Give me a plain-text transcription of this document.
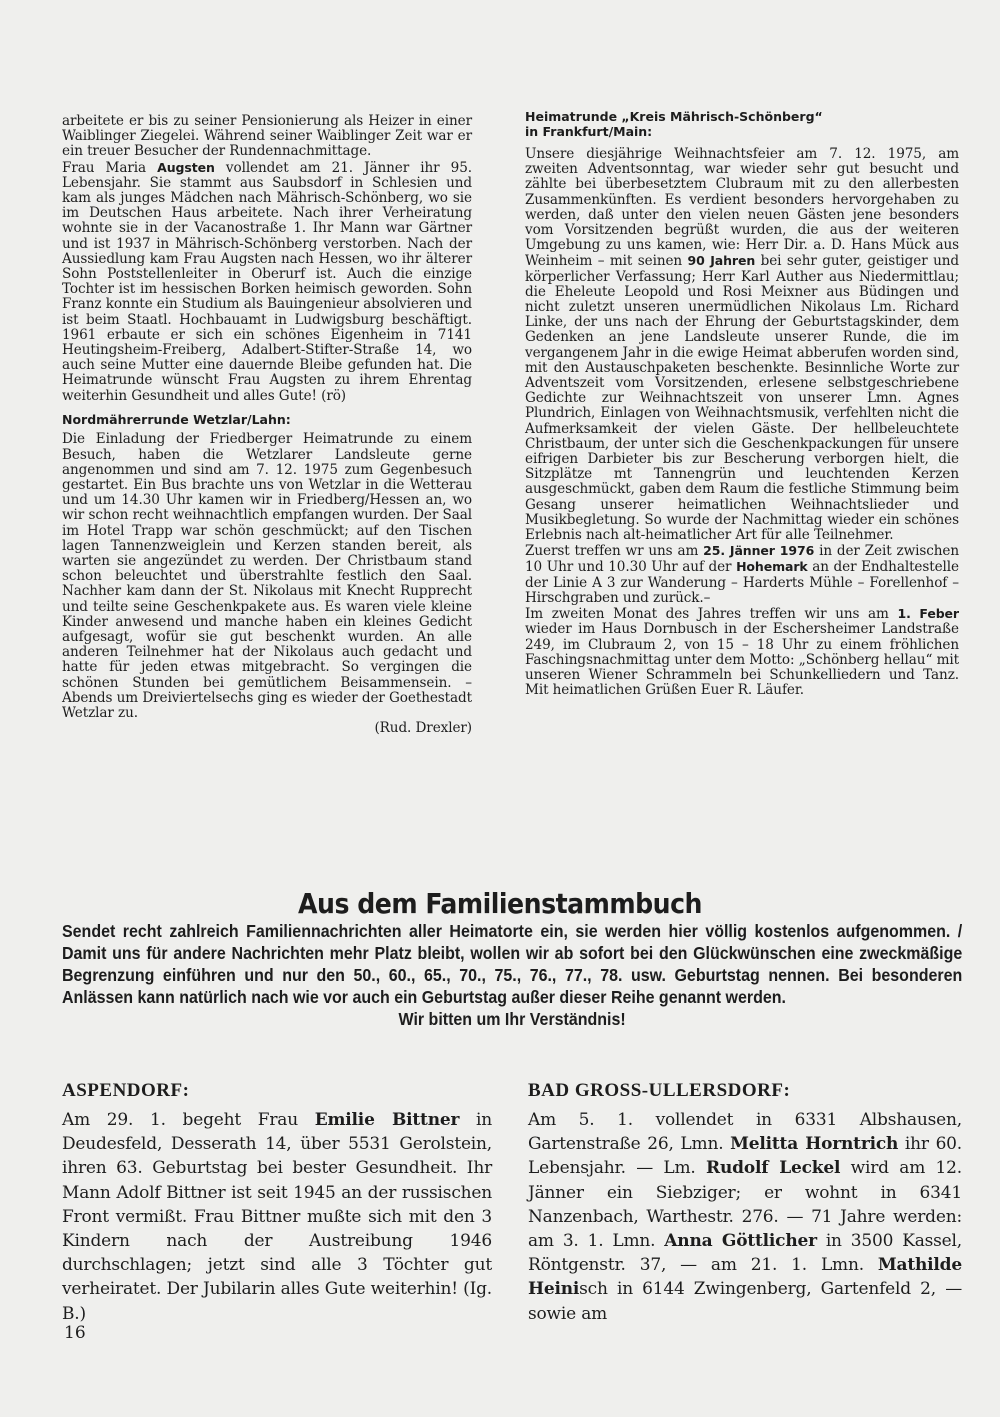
arbeitete er bis zu seiner Pensionierung als Heizer in einer Waiblinger Ziegelei. Während seiner Waiblinger Zeit war er ein treuer Besucher der Rundennachmittage.

Frau Maria Augsten vollendet am 21. Jänner ihr 95. Lebensjahr. Sie stammt aus Saubsdorf in Schlesien und kam als junges Mädchen nach Mährisch-Schönberg, wo sie im Deutschen Haus arbeitete. Nach ihrer Verheiratung wohnte sie in der Vacanostraße 1. Ihr Mann war Gärtner und ist 1937 in Mährisch-Schönberg verstorben. Nach der Aussiedlung kam Frau Augsten nach Hessen, wo ihr älterer Sohn Poststellenleiter in Oberurf ist. Auch die einzige Tochter ist im hessischen Borken heimisch geworden. Sohn Franz konnte ein Studium als Bauingenieur absolvieren und ist beim Staatl. Hochbauamt in Ludwigsburg beschäftigt. 1961 erbaute er sich ein schönes Eigenheim in 7141 Heutingsheim-Freiberg, Adalbert-Stifter-Straße 14, wo auch seine Mutter eine dauernde Bleibe gefunden hat. Die Heimatrunde wünscht Frau Augsten zu ihrem Ehrentag weiterhin Gesundheit und alles Gute! (rö)

Nordmährerrunde Wetzlar/Lahn:

Die Einladung der Friedberger Heimatrunde zu einem Besuch, haben die Wetzlarer Landsleute gerne angenommen und sind am 7. 12. 1975 zum Gegenbesuch gestartet. Ein Bus brachte uns von Wetzlar in die Wetterau und um 14.30 Uhr kamen wir in Friedberg/Hessen an, wo wir schon recht weihnachtlich empfangen wurden. Der Saal im Hotel Trapp war schön geschmückt; auf den Tischen lagen Tannenzweiglein und Kerzen standen bereit, als warten sie angezündet zu werden. Der Christbaum stand schon beleuchtet und überstrahlte festlich den Saal. Nachher kam dann der St. Nikolaus mit Knecht Rupprecht und teilte seine Geschenkpakete aus. Es waren viele kleine Kinder anwesend und manche haben ein kleines Gedicht aufgesagt, wofür sie gut beschenkt wurden. An alle anderen Teilnehmer hat der Nikolaus auch gedacht und hatte für jeden etwas mitgebracht. So vergingen die schönen Stunden bei gemütlichem Beisammensein. – Abends um Dreiviertelsechs ging es wieder der Goethestadt Wetzlar zu.

(Rud. Drexler)

Heimatrunde „Kreis Mährisch-Schönberg“

in Frankfurt/Main:

Unsere diesjährige Weihnachtsfeier am 7. 12. 1975, am zweiten Adventsonntag, war wieder sehr gut besucht und zählte bei überbesetztem Clubraum mit zu den allerbesten Zusammenkünften. Es verdient besonders hervorgehaben zu werden, daß unter den vielen neuen Gästen jene besonders vom Vorsitzenden begrüßt wurden, die aus der weiteren Umgebung zu uns kamen, wie: Herr Dir. a. D. Hans Mück aus Weinheim – mit seinen 90 Jahren bei sehr guter, geistiger und körperlicher Verfassung; Herr Karl Auther aus Niedermittlau; die Eheleute Leopold und Rosi Meixner aus Büdingen und nicht zuletzt unseren unermüdlichen Nikolaus Lm. Richard Linke, der uns nach der Ehrung der Geburtstagskinder, dem Gedenken an jene Landsleute unserer Runde, die im vergangenem Jahr in die ewige Heimat abberufen worden sind, mit den Austauschpaketen beschenkte. Besinnliche Worte zur Adventszeit vom Vorsitzenden, erlesene selbstgeschriebene Gedichte zur Weihnachtszeit von unserer Lmn. Agnes Plundrich, Einlagen von Weihnachtsmusik, verfehlten nicht die Aufmerksamkeit der vielen Gäste. Der hellbeleuchtete Christbaum, der unter sich die Geschenkpackungen für unsere eifrigen Darbieter bis zur Bescherung verborgen hielt, die Sitzplätze mt Tannengrün und leuchtenden Kerzen ausgeschmückt, gaben dem Raum die festliche Stimmung beim Gesang unserer heimatlichen Weihnachtslieder und Musikbegletung. So wurde der Nachmittag wieder ein schönes Erlebnis nach alt-heimatlicher Art für alle Teilnehmer.

Zuerst treffen wr uns am 25. Jänner 1976 in der Zeit zwischen 10 Uhr und 10.30 Uhr auf der Hohemark an der Endhaltestelle der Linie A 3 zur Wanderung – Harderts Mühle – Forellenhof – Hirschgraben und zurück.–

Im zweiten Monat des Jahres treffen wir uns am 1. Feber wieder im Haus Dornbusch in der Eschersheimer Landstraße 249, im Clubraum 2, von 15 – 18 Uhr zu einem fröhlichen Faschingsnachmittag unter dem Motto: „Schönberg hellau“ mit unseren Wiener Schrammeln bei Schunkelliedern und Tanz. Mit heimatlichen Grüßen Euer R. Läufer.

Aus dem Familienstammbuch

Sendet recht zahlreich Familiennachrichten aller Heimatorte ein, sie werden hier völlig kostenlos aufgenommen. / Damit uns für andere Nachrichten mehr Platz bleibt, wollen wir ab sofort bei den Glückwünschen eine zweckmäßige Begrenzung einführen und nur den 50., 60., 65., 70., 75., 76., 77., 78. usw. Geburtstag nennen. Bei besonderen Anlässen kann natürlich nach wie vor auch ein Geburtstag außer dieser Reihe genannt werden.
Wir bitten um Ihr Verständnis!

ASPENDORF:

Am 29. 1. begeht Frau Emilie Bittner in Deudesfeld, Desserath 14, über 5531 Gerolstein, ihren 63. Geburtstag bei bester Gesundheit. Ihr Mann Adolf Bittner ist seit 1945 an der russischen Front vermißt. Frau Bittner mußte sich mit den 3 Kindern nach der Austreibung 1946 durchschlagen; jetzt sind alle 3 Töchter gut verheiratet. Der Jubilarin alles Gute weiterhin! (Ig. B.)

BAD GROSS-ULLERSDORF:

Am 5. 1. vollendet in 6331 Albshausen, Gartenstraße 26, Lmn. Melitta Horntrich ihr 60. Lebensjahr. — Lm. Rudolf Leckel wird am 12. Jänner ein Siebziger; er wohnt in 6341 Nanzenbach, Warthestr. 276. — 71 Jahre werden: am 3. 1. Lmn. Anna Göttlicher in 3500 Kassel, Röntgenstr. 37, — am 21. 1. Lmn. Mathilde Heinisch in 6144 Zwingenberg, Gartenfeld 2, — sowie am

16
